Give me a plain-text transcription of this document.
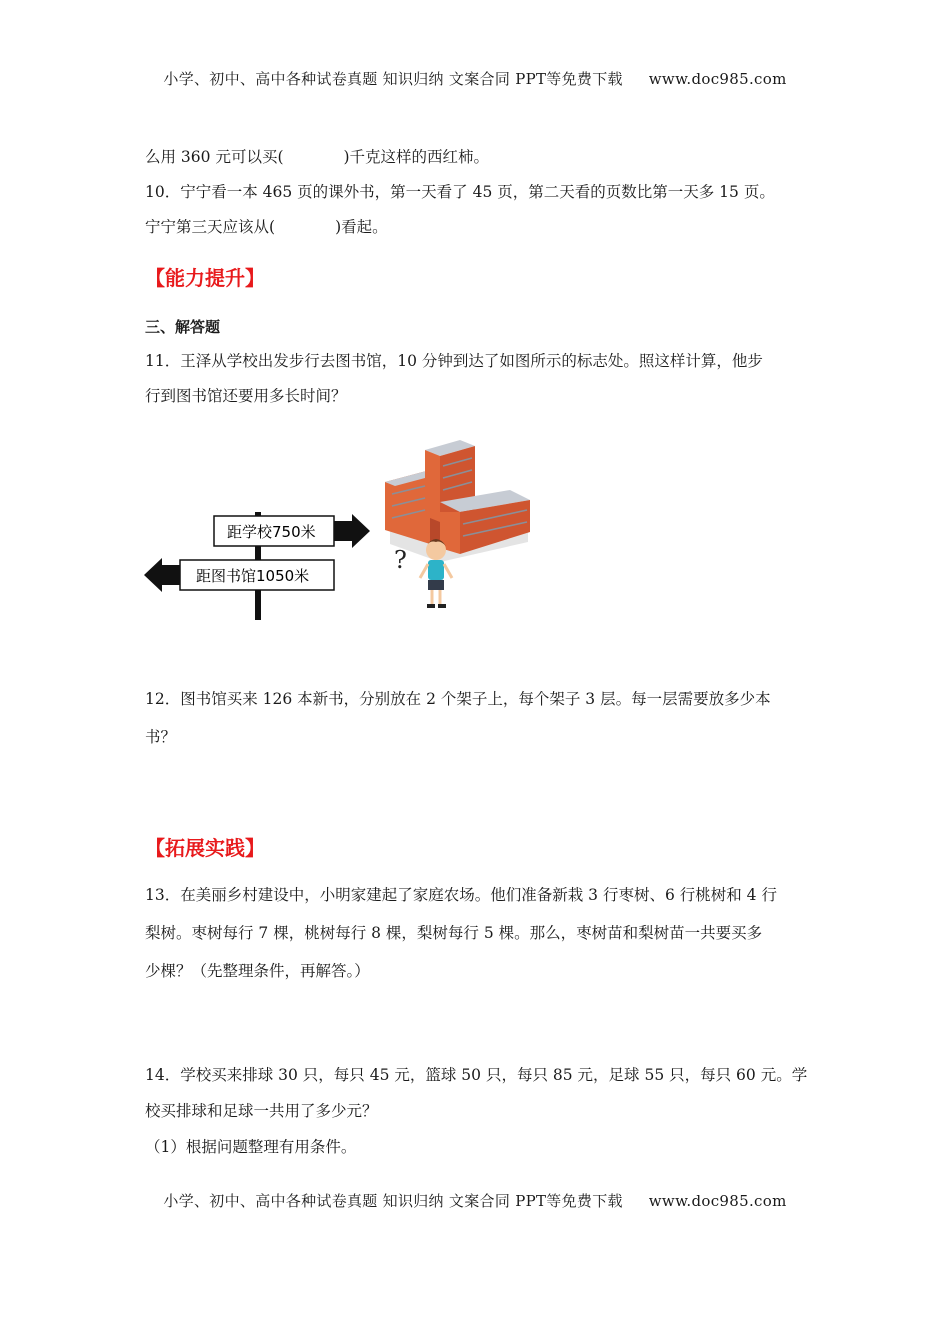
小学、初中、高中各种试卷真题 知识归纳 文案合同 PPT等免费下载 www.doc985.com
么用 360 元可以买(	)千克这样的西红柿。
10．宁宁看一本 465 页的课外书，第一天看了 45 页，第二天看的页数比第一天多 15 页。
宁宁第三天应该从(	)看起。
【能力提升】
三、解答题
11．王泽从学校出发步行去图书馆，10 分钟到达了如图所示的标志处。照这样计算，他步
行到图书馆还要用多长时间？
?
距学校750米
距图书馆1050米
12．图书馆买来 126 本新书，分别放在 2 个架子上，每个架子 3 层。每一层需要放多少本
书？
【拓展实践】
13．在美丽乡村建设中，小明家建起了家庭农场。他们准备新栽 3 行枣树、6 行桃树和 4 行
梨树。枣树每行 7 棵，桃树每行 8 棵，梨树每行 5 棵。那么，枣树苗和梨树苗一共要买多
少棵？（先整理条件，再解答。）
14．学校买来排球 30 只，每只 45 元，篮球 50 只，每只 85 元，足球 55 只，每只 60 元。学
校买排球和足球一共用了多少元？
（1）根据问题整理有用条件。
小学、初中、高中各种试卷真题 知识归纳 文案合同 PPT等免费下载 www.doc985.com
